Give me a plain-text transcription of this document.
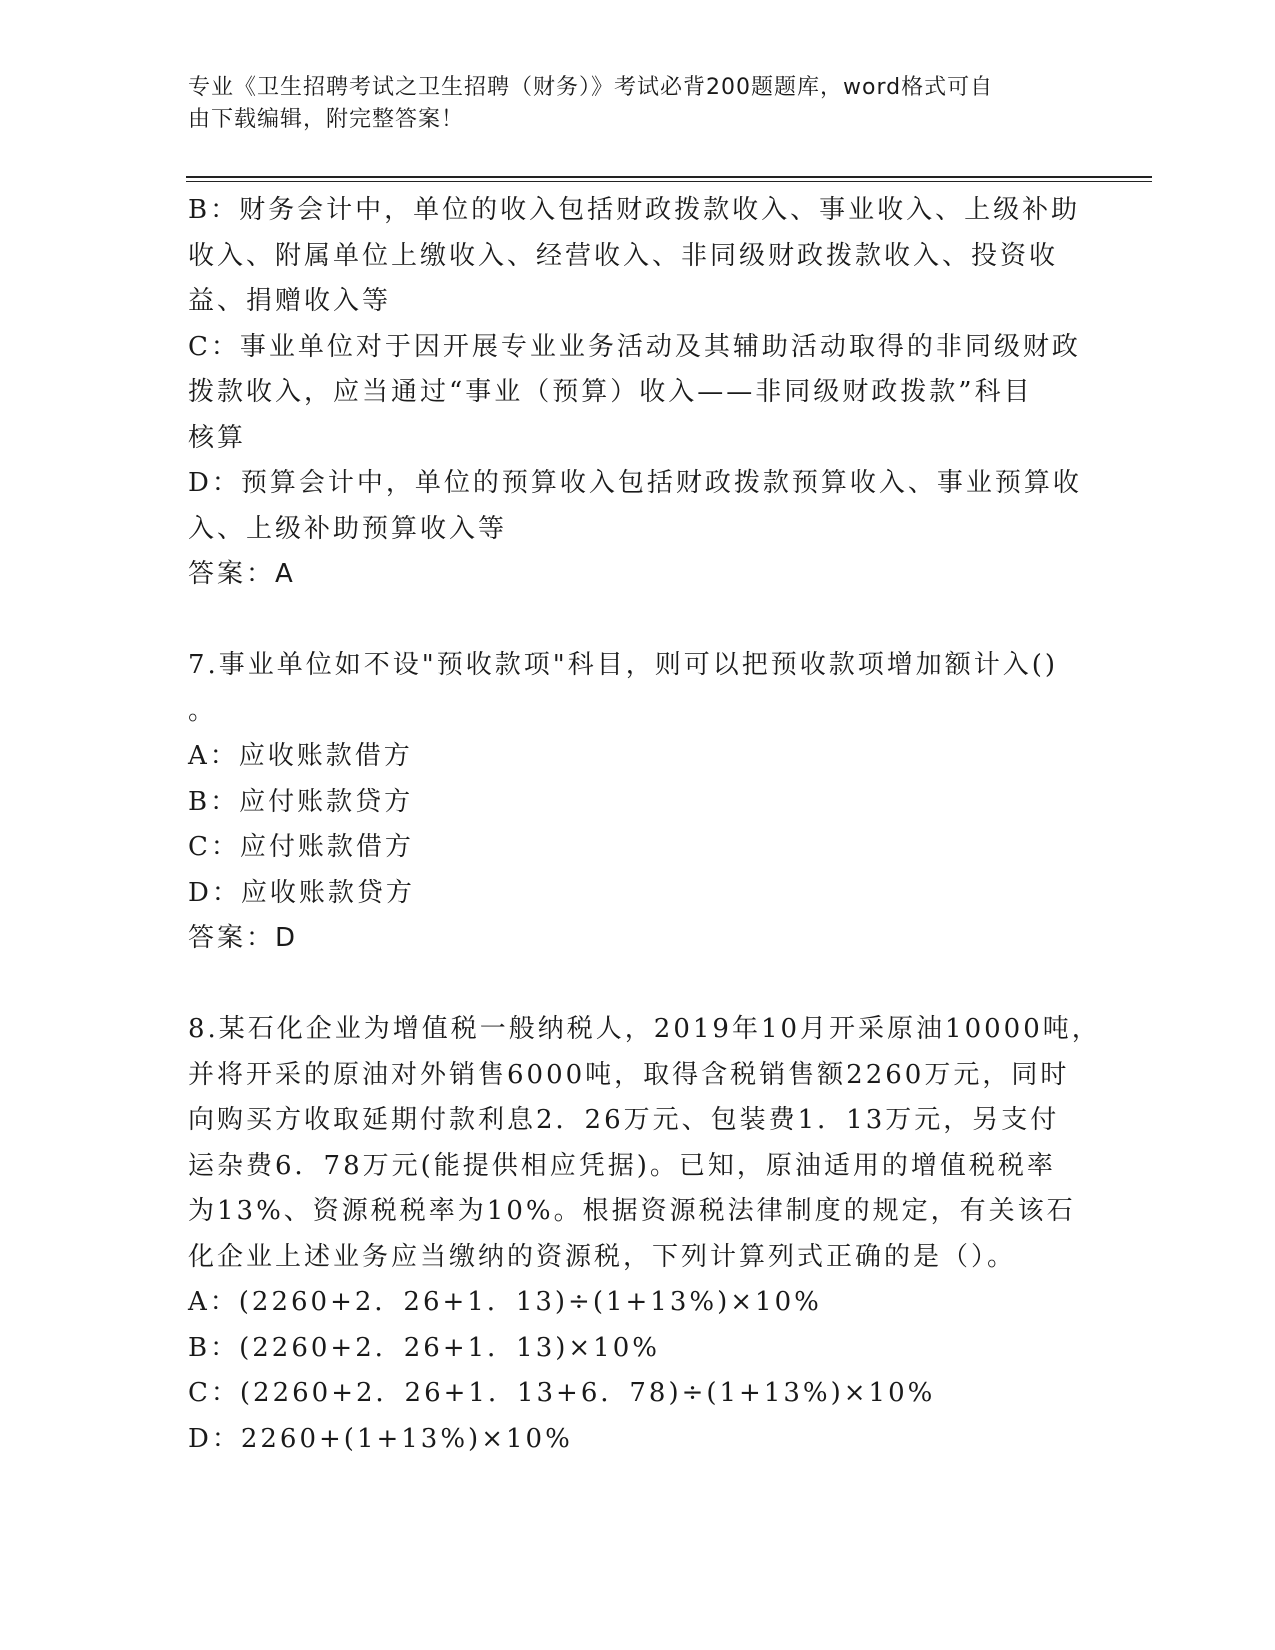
专业《卫生招聘考试之卫生招聘（财务）》考试必背200题题库，word格式可自
由下载编辑，附完整答案！
B：财务会计中，单位的收入包括财政拨款收入、事业收入、上级补助
收入、附属单位上缴收入、经营收入、非同级财政拨款收入、投资收
益、捐赠收入等
C：事业单位对于因开展专业业务活动及其辅助活动取得的非同级财政
拨款收入，应当通过“事业（预算）收入——非同级财政拨款”科目
核算
D：预算会计中，单位的预算收入包括财政拨款预算收入、事业预算收
入、上级补助预算收入等
答案：A
7.事业单位如不设"预收款项"科目，则可以把预收款项增加额计入()
。
A：应收账款借方
B：应付账款贷方
C：应付账款借方
D：应收账款贷方
答案：D
8.某石化企业为增值税一般纳税人，2019年10月开采原油10000吨，
并将开采的原油对外销售6000吨，取得含税销售额2260万元，同时
向购买方收取延期付款利息2．26万元、包装费1．13万元，另支付
运杂费6．78万元(能提供相应凭据)。已知，原油适用的增值税税率
为13%、资源税税率为10%。根据资源税法律制度的规定，有关该石
化企业上述业务应当缴纳的资源税，下列计算列式正确的是（）。
A：(2260+2．26+1．13)÷(1+13%)×10%
B：(2260+2．26+1．13)×10%
C：(2260+2．26+1．13+6．78)÷(1+13%)×10%
D：2260+(1+13%)×10%
